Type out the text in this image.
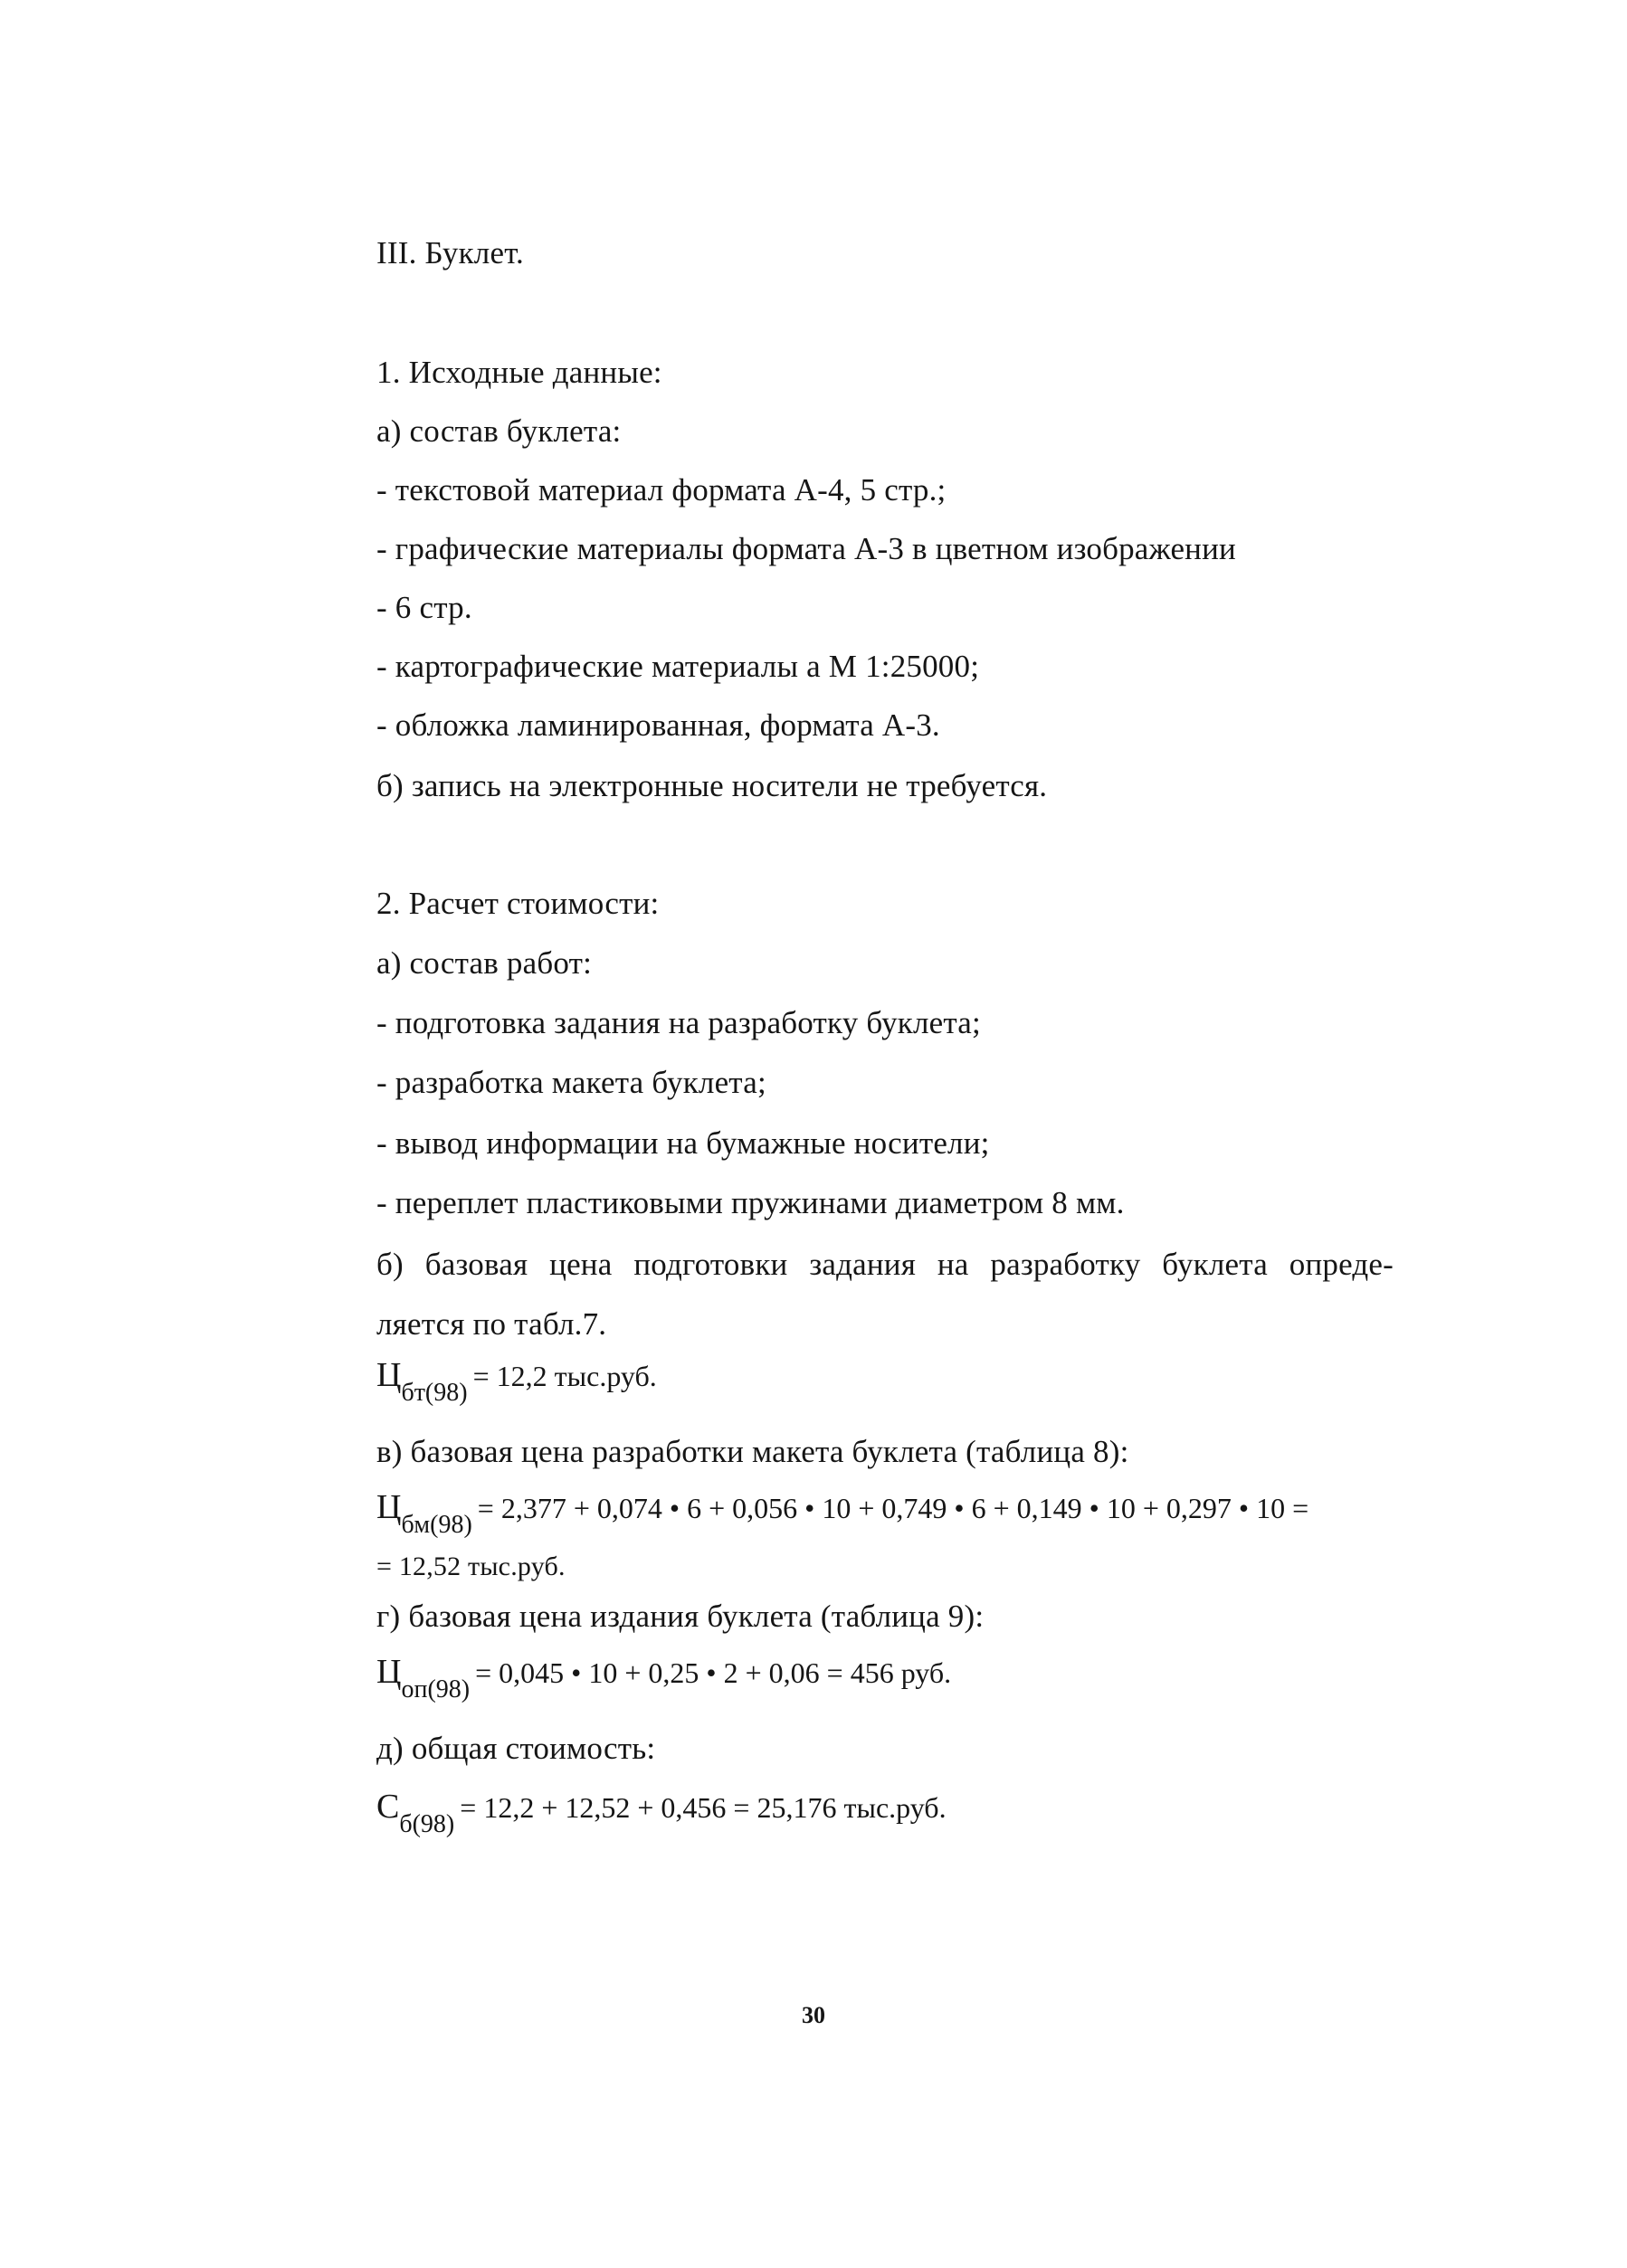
III. Буклет.
1. Исходные данные:
а) состав буклета:
- текстовой материал формата А-4, 5 стр.;
- графические материалы формата А-3 в цветном изображении
- 6 стр.
- картографические материалы а М 1:25000;
- обложка ламинированная, формата А-3.
б) запись на электронные носители не требуется.
2. Расчет стоимости:
а) состав работ:
- подготовка задания на разработку буклета;
- разработка макета буклета;
- вывод информации на бумажные носители;
- переплет пластиковыми пружинами диаметром 8 мм.
б) базовая цена подготовки задания на разработку буклета опреде-
ляется по табл.7.
Цбт(98)= 12,2 тыс.руб.
в) базовая цена разработки макета буклета (таблица 8):
Цбм(98)= 2,377 + 0,074 • 6 + 0,056 • 10 + 0,749 • 6 + 0,149 • 10 + 0,297 • 10 =
= 12,52 тыс.руб.
г) базовая цена издания буклета (таблица 9):
Цоп(98)= 0,045 • 10 + 0,25 • 2 + 0,06 = 456 руб.
д) общая стоимость:
Сб(98)= 12,2 + 12,52 + 0,456 = 25,176 тыс.руб.
30
